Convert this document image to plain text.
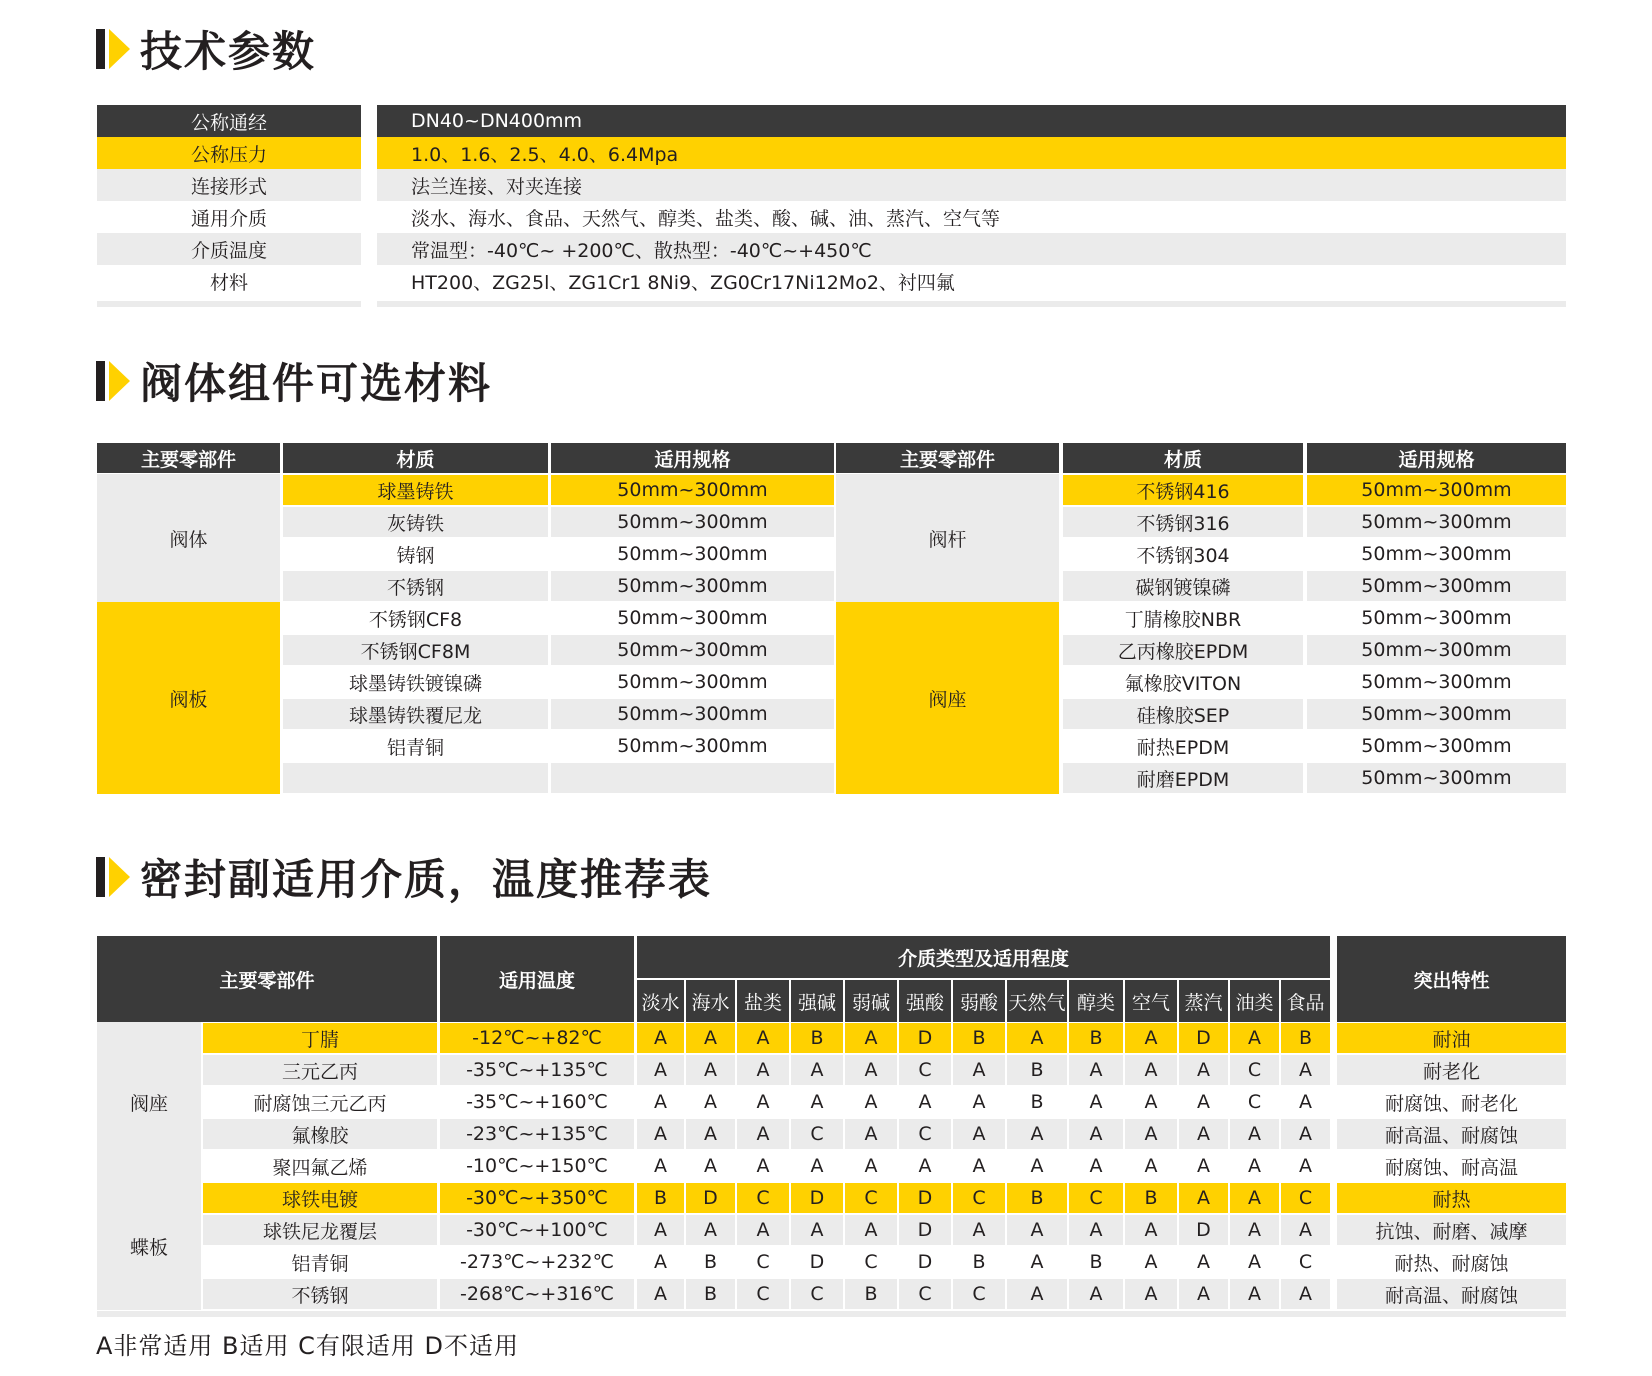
技术参数
阀体组件可选材料
密封副适用介质，温度推荐表
公称通经	DN40~DN400mm
公称压力	1.0、1.6、2.5、4.0、6.4Mpa
连接形式	法兰连接、对夹连接
通用介质	淡水、海水、食品、天然气、醇类、盐类、酸、碱、油、蒸汽、空气等
介质温度	常温型：-40℃~ +200℃、散热型：-40℃~+450℃
材料	HT200、ZG25l、ZG1Cr1 8Ni9、ZG0Cr17Ni12Mo2、衬四氟
主要零部件	材质	适用规格
阀体
球墨铸铁	50mm~300mm
灰铸铁	50mm~300mm
铸钢	50mm~300mm
不锈钢	50mm~300mm
阀板
不锈钢CF8	50mm~300mm
不锈钢CF8M	50mm~300mm
球墨铸铁镀镍磷	50mm~300mm
球墨铸铁覆尼龙	50mm~300mm
铝青铜	50mm~300mm
主要零部件	材质	适用规格
阀杆
不锈钢416	50mm~300mm
不锈钢316	50mm~300mm
不锈钢304	50mm~300mm
碳钢镀镍磷	50mm~300mm
阀座
丁腈橡胶NBR	50mm~300mm
乙丙橡胶EPDM	50mm~300mm
氟橡胶VITON	50mm~300mm
硅橡胶SEP	50mm~300mm
耐热EPDM	50mm~300mm
耐磨EPDM	50mm~300mm
主要零部件	适用温度
介质类型及适用程度
淡水 海水 盐类 强碱 弱碱 强酸 弱酸 天然气 醇类 空气 蒸汽 油类 食品
突出特性
阀座
丁腈	-12℃~+82℃	A	A	A	B	A	D	B	A	B	A	D	A	B	耐油
三元乙丙	-35℃~+135℃	A	A	A	A	A	C	A	B	A	A	A	C	A	耐老化
耐腐蚀三元乙丙	-35℃~+160℃	A	A	A	A	A	A	A	B	A	A	A	C	A	耐腐蚀、耐老化
氟橡胶	-23℃~+135℃	A	A	A	C	A	C	A	A	A	A	A	A	A	耐高温、耐腐蚀
聚四氟乙烯	-10℃~+150℃	A	A	A	A	A	A	A	A	A	A	A	A	A	耐腐蚀、耐高温
蝶板
球铁电镀	-30℃~+350℃	B	D	C	D	C	D	C	B	C	B	A	A	C	耐热
球铁尼龙覆层	-30℃~+100℃	A	A	A	A	A	D	A	A	A	A	D	A	A	抗蚀、耐磨、减摩
铝青铜	-273℃~+232℃	A	B	C	D	C	D	B	A	B	A	A	A	C	耐热、耐腐蚀
不锈钢	-268℃~+316℃	A	B	C	C	B	C	C	A	A	A	A	A	A	耐高温、耐腐蚀
A非常适用 B适用 C有限适用 D不适用
